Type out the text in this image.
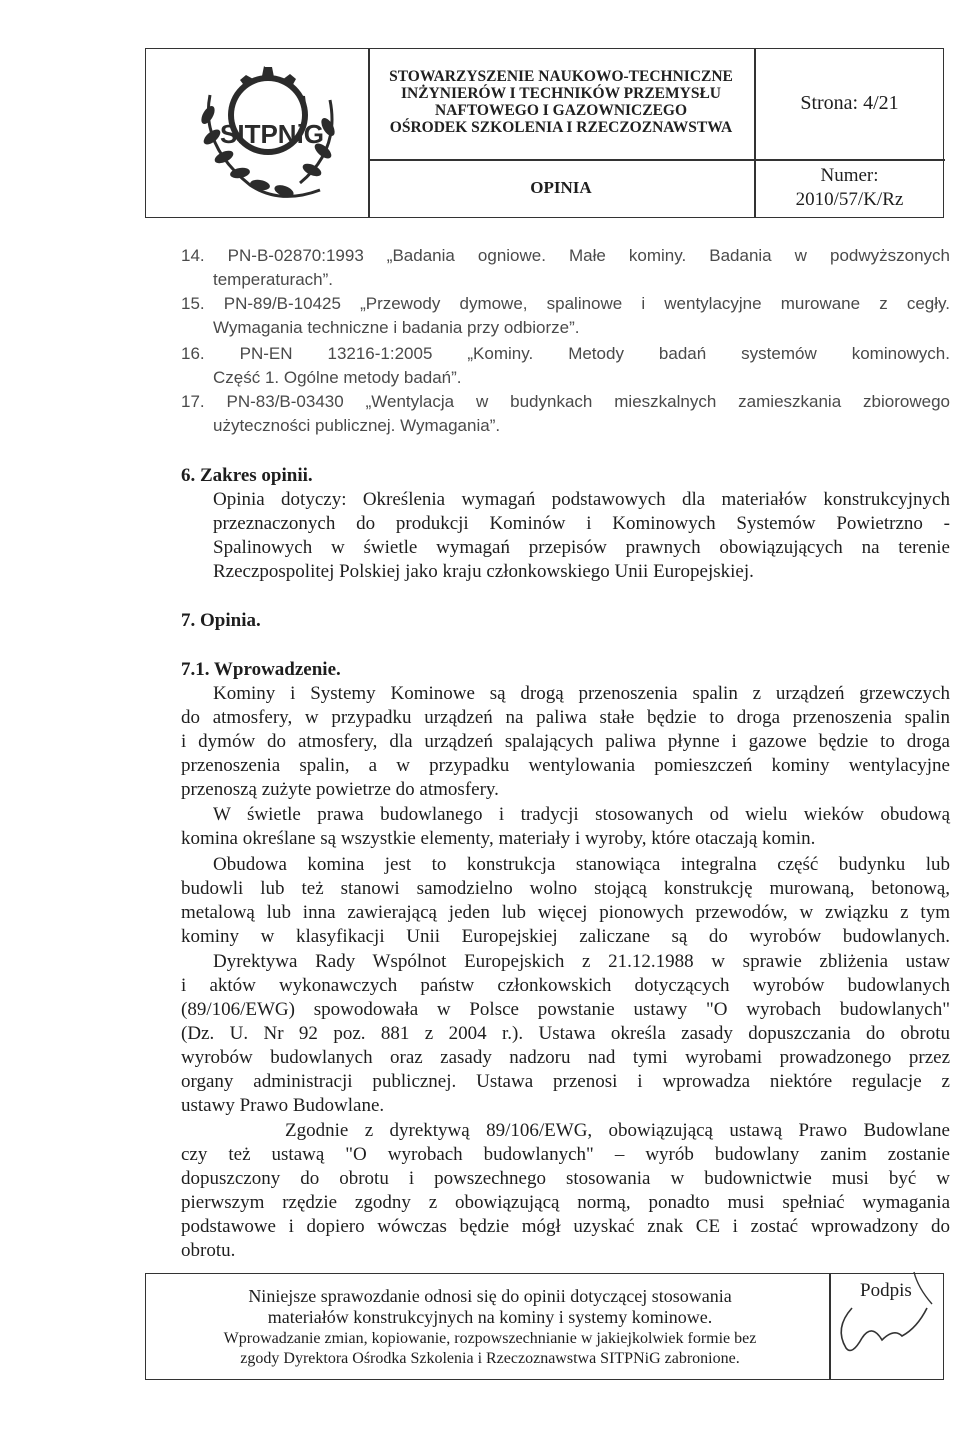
SITPNiG
STOWARZYSZENIE NAUKOWO-TECHNICZNE
INŻYNIERÓW I TECHNIKÓW PRZEMYSŁU
NAFTOWEGO I GAZOWNICZEGO
OŚRODEK SZKOLENIA I RZECZOZNAWSTWA
Strona: 4/21
OPINIA
Numer:
2010/57/K/Rz
14. PN-B-02870:1993 „Badania ogniowe. Małe kominy. Badania w podwyższonych
temperaturach”.
15. PN-89/B-10425 „Przewody dymowe, spalinowe i wentylacyjne murowane z cegły.
Wymagania techniczne i badania przy odbiorze”.
16. PN-EN 13216-1:2005 „Kominy. Metody badań systemów kominowych.
Część 1. Ogólne metody badań”.
17. PN-83/B-03430 „Wentylacja w budynkach mieszkalnych zamieszkania zbiorowego
użyteczności publicznej. Wymagania”.
6. Zakres opinii.
Opinia dotyczy: Określenia wymagań podstawowych dla materiałów konstrukcyjnych
przeznaczonych do produkcji Kominów i Kominowych Systemów Powietrzno -
Spalinowych w świetle wymagań przepisów prawnych obowiązujących na terenie
Rzeczpospolitej Polskiej jako kraju członkowskiego Unii Europejskiej.
7. Opinia.
7.1. Wprowadzenie.
Kominy i Systemy Kominowe są drogą przenoszenia spalin z urządzeń grzewczych
do atmosfery, w przypadku urządzeń na paliwa stałe będzie to droga przenoszenia spalin
i dymów do atmosfery, dla urządzeń spalających paliwa płynne i gazowe będzie to droga
przenoszenia spalin, a w przypadku wentylowania pomieszczeń kominy wentylacyjne
przenoszą zużyte powietrze do atmosfery.
W świetle prawa budowlanego i tradycji stosowanych od wielu wieków obudową
komina określane są wszystkie elementy, materiały i wyroby, które otaczają komin.
Obudowa komina jest to konstrukcja stanowiąca integralna część budynku lub
budowli lub też stanowi samodzielno wolno stojącą konstrukcję murowaną, betonową,
metalową lub inna zawierającą jeden lub więcej pionowych przewodów, w związku z tym
kominy w klasyfikacji Unii Europejskiej zaliczane są do wyrobów budowlanych.
Dyrektywa Rady Wspólnot Europejskich z 21.12.1988 w sprawie zbliżenia ustaw
i aktów wykonawczych państw członkowskich dotyczących wyrobów budowlanych
(89/106/EWG) spowodowała w Polsce powstanie ustawy "O wyrobach budowlanych"
(Dz. U. Nr 92 poz. 881 z 2004 r.). Ustawa określa zasady dopuszczania do obrotu
wyrobów budowlanych oraz zasady nadzoru nad tymi wyrobami prowadzonego przez
organy administracji publicznej. Ustawa przenosi i wprowadza niektóre regulacje z
ustawy Prawo Budowlane.
Zgodnie z dyrektywą 89/106/EWG, obowiązującą ustawą Prawo Budowlane
czy też ustawą "O wyrobach budowlanych" – wyrób budowlany zanim zostanie
dopuszczony do obrotu i powszechnego stosowania w budownictwie musi być w
pierwszym rzędzie zgodny z obowiązującą normą, ponadto musi spełniać wymagania
podstawowe i dopiero wówczas będzie mógł uzyskać znak CE i zostać wprowadzony do
obrotu.
Niniejsze sprawozdanie odnosi się do opinii dotyczącej stosowania
materiałów konstrukcyjnych na kominy i systemy kominowe.
Wprowadzanie zmian, kopiowanie, rozpowszechnianie w jakiejkolwiek formie bez
zgody Dyrektora Ośrodka Szkolenia i Rzeczoznawstwa SITPNiG zabronione.
Podpis
